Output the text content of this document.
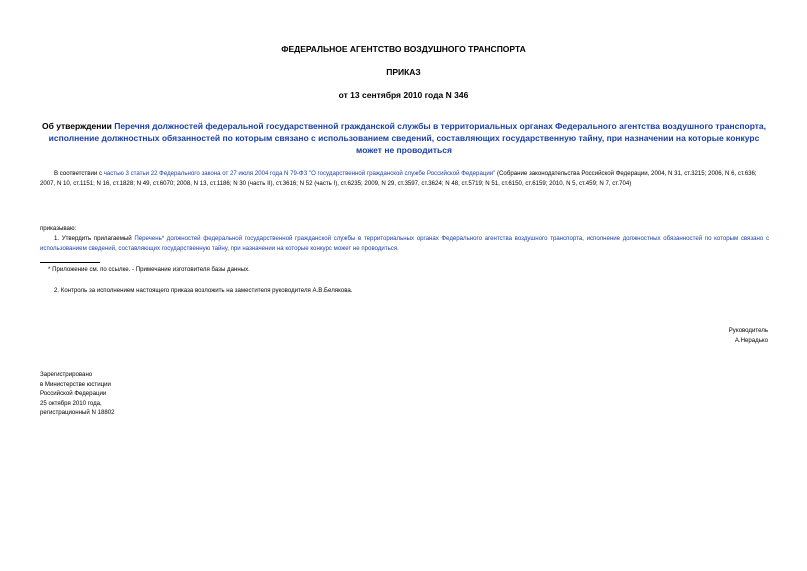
ФЕДЕРАЛЬНОЕ АГЕНТСТВО ВОЗДУШНОГО ТРАНСПОРТА
ПРИКАЗ
от 13 сентября 2010 года N 346
Об утверждении Перечня должностей федеральной государственной гражданской службы в территориальных органах Федерального агентства воздушного транспорта, исполнение должностных обязанностей по которым связано с использованием сведений, составляющих государственную тайну, при назначении на которые конкурс может не проводиться

В соответствии с частью 3 статьи 22 Федерального закона от 27 июля 2004 года N 79-ФЗ "О государственной гражданской службе Российской Федерации" (Собрание законодательства Российской Федерации, 2004, N 31, ст.3215; 2006, N 6, ст.636; 2007, N 10, ст.1151; N 16, ст.1828; N 49, ст.6070; 2008, N 13, ст.1186; N 30 (часть II), ст.3616; N 52 (часть I), ст.6235; 2009, N 29, ст.3597, ст.3624; N 48, ст.5719; N 51, ст.6150, ст.6159; 2010, N 5, ст.459; N 7, ст.704)

приказываю:

1. Утвердить прилагаемый Перечень* должностей федеральной государственной гражданской службы в территориальных органах Федерального агентства воздушного транспорта, исполнение должностных обязанностей по которым связано с использованием сведений, составляющих государственную тайну, при назначении на которые конкурс может не проводиться.

* Приложение см. по ссылке. - Примечание изготовителя базы данных.

2. Контроль за исполнением настоящего приказа возложить на заместителя руководителя А.В.Белякова.

Руководитель
А.Нерадько
Зарегистрировано
в Министерстве юстиции
Российской Федерации
25 октября 2010 года,
регистрационный N 18802
